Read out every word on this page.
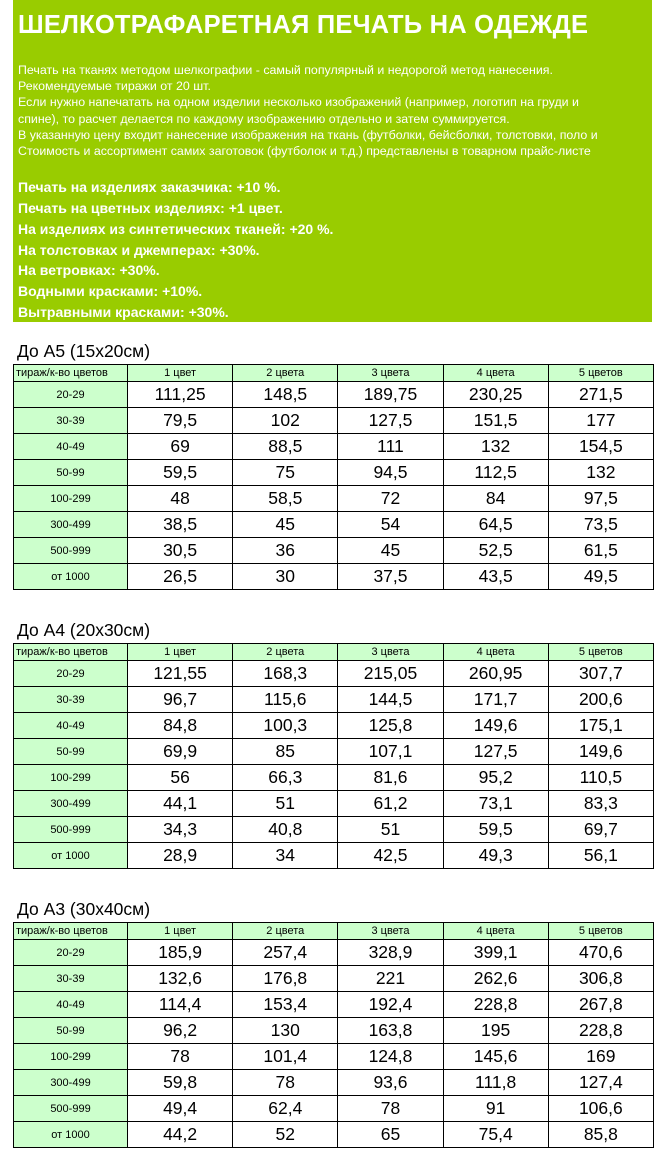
ШЕЛКОТРАФАРЕТНАЯ ПЕЧАТЬ НА ОДЕЖДЕ
Печать на тканях методом шелкографии - самый популярный и недорогой метод нанесения.
Рекомендуемые тиражи от 20 шт.
Если нужно напечатать на одном изделии несколько изображений (например, логотип на груди и
спине), то расчет делается по каждому изображению отдельно и затем суммируется.
В указанную цену входит нанесение изображения на ткань (футболки, бейсболки, толстовки, поло и
Стоимость и ассортимент самих заготовок (футболок и т.д.) представлены в товарном прайс-листе
Печать на изделиях заказчика: +10 %.
Печать на цветных изделиях: +1 цвет.
На изделиях из синтетических тканей: +20 %.
На толстовках и джемперах: +30%.
На ветровках: +30%.
Водными красками: +10%.
Вытравными красками: +30%.
До А5 (15х20см)
тираж/к-во цветов	1 цвет	2 цвета	3 цвета	4 цвета	5 цветов
20-29	111,25	148,5	189,75	230,25	271,5
30-39	79,5	102	127,5	151,5	177
40-49	69	88,5	111	132	154,5
50-99	59,5	75	94,5	112,5	132
100-299	48	58,5	72	84	97,5
300-499	38,5	45	54	64,5	73,5
500-999	30,5	36	45	52,5	61,5
от 1000	26,5	30	37,5	43,5	49,5
До А4 (20х30см)
тираж/к-во цветов	1 цвет	2 цвета	3 цвета	4 цвета	5 цветов
20-29	121,55	168,3	215,05	260,95	307,7
30-39	96,7	115,6	144,5	171,7	200,6
40-49	84,8	100,3	125,8	149,6	175,1
50-99	69,9	85	107,1	127,5	149,6
100-299	56	66,3	81,6	95,2	110,5
300-499	44,1	51	61,2	73,1	83,3
500-999	34,3	40,8	51	59,5	69,7
от 1000	28,9	34	42,5	49,3	56,1
До А3 (30х40см)
тираж/к-во цветов	1 цвет	2 цвета	3 цвета	4 цвета	5 цветов
20-29	185,9	257,4	328,9	399,1	470,6
30-39	132,6	176,8	221	262,6	306,8
40-49	114,4	153,4	192,4	228,8	267,8
50-99	96,2	130	163,8	195	228,8
100-299	78	101,4	124,8	145,6	169
300-499	59,8	78	93,6	111,8	127,4
500-999	49,4	62,4	78	91	106,6
от 1000	44,2	52	65	75,4	85,8
